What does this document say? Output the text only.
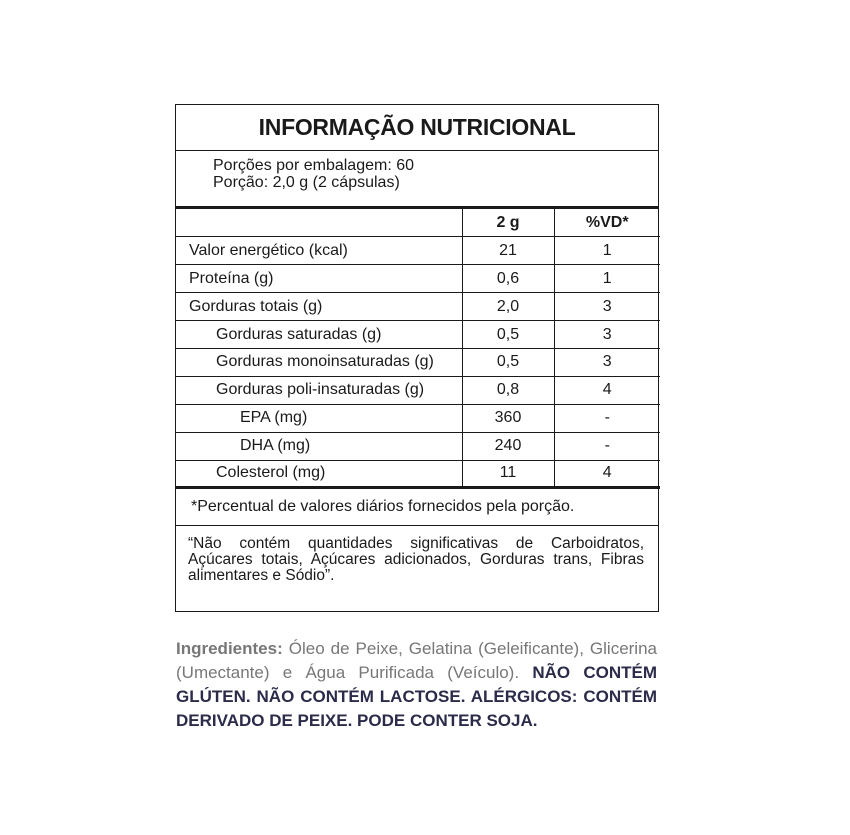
INFORMAÇÃO NUTRICIONAL
Porções por embalagem: 60
Porção: 2,0 g (2 cápsulas)
	2 g	%VD*
Valor energético (kcal)	21	1
Proteína (g)	0,6	1
Gorduras totais (g)	2,0	3
Gorduras saturadas (g)	0,5	3
Gorduras monoinsaturadas (g)	0,5	3
Gorduras poli-insaturadas (g)	0,8	4
EPA (mg)	360	-
DHA (mg)	240	-
Colesterol (mg)	11	4
*Percentual de valores diários fornecidos pela porção.
“Não contém quantidades significativas de Carboidratos, Açúcares totais, Açúcares adicionados, Gorduras trans, Fibras alimentares e Sódio”.
Ingredientes: Óleo de Peixe, Gelatina (Geleificante), Glicerina (Umectante) e Água Purificada (Veículo). NÃO CONTÉM GLÚTEN. NÃO CONTÉM LACTOSE. ALÉRGICOS: CONTÉM DERIVADO DE PEIXE. PODE CONTER SOJA.
